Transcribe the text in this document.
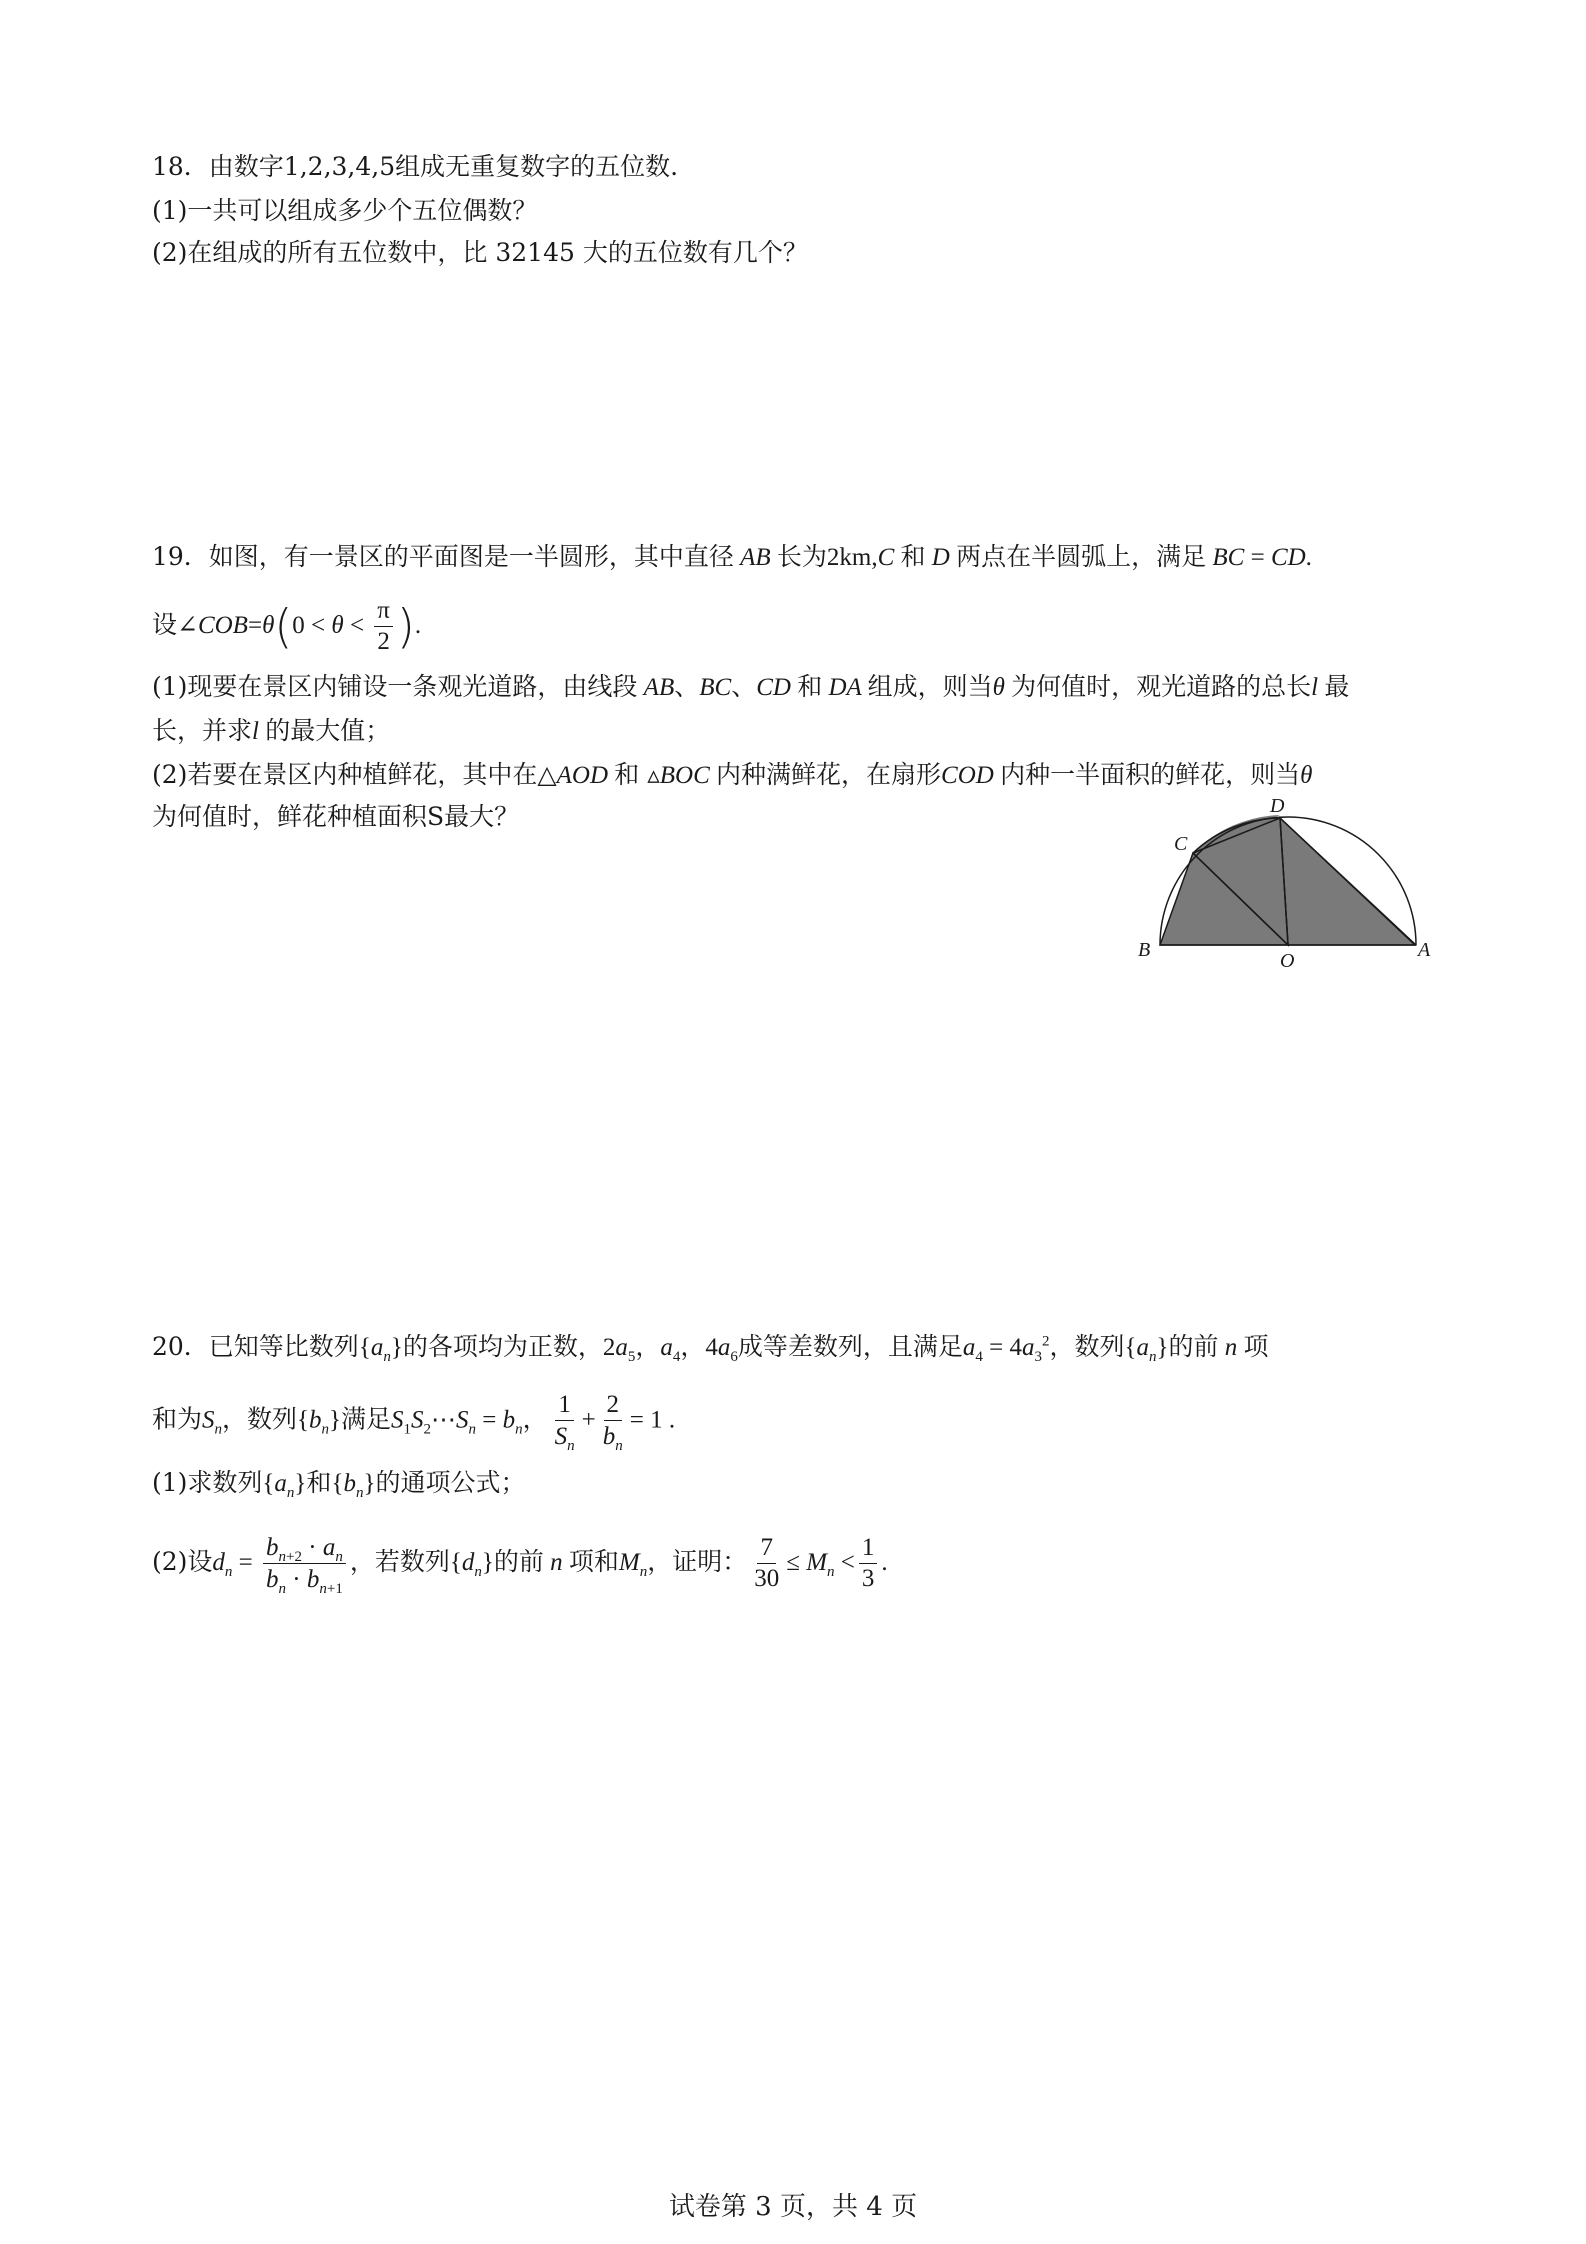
18．由数字1,2,3,4,5组成无重复数字的五位数.
(1)一共可以组成多少个五位偶数？
(2)在组成的所有五位数中，比 32145 大的五位数有几个？
19．如图，有一景区的平面图是一半圆形，其中直径 AB 长为2km,C 和 D 两点在半圆弧上，满足 BC = CD.
设∠COB=θ(0 < $\theta < \frac{\pi}{2}$ ).
(1)现要在景区内铺设一条观光道路，由线段 AB、BC、CD 和 DA 组成，则当θ 为何值时，观光道路的总长l 最
长，并求l 的最大值；
(2)若要在景区内种植鲜花，其中在△AOD 和 ▵BOC 内种满鲜花，在扇形COD 内种一半面积的鲜花，则当θ
为何值时，鲜花种植面积S最大？
B
C
D
O	A
20．已知等比数列$\{a_n\}$的各项均为正数，$2a_5$，$a_4$，$4a_6$成等差数列，且满足$a_4 = 4a_3^2$，数列$\{a_n\}$的前 n 项
和为$S_n$，数列$\{b_n\}$满足$S_1S_2\cdots S_n = b_n$， $\frac{1}{S_n} + \frac{2}{b_n} = 1$ .
(1)求数列$\{a_n\}$和$\{b_n\}$的通项公式；
(2)设$d_n = \frac{b_{n+2} \cdot a_n}{b_n \cdot b_{n+1}}$ ，若数列$\{d_n\}$的前 n 项和$M_n$，证明： $\frac{7}{30} \le M_n < \frac{1}{3}$ .
试卷第 3 页，共 4 页
